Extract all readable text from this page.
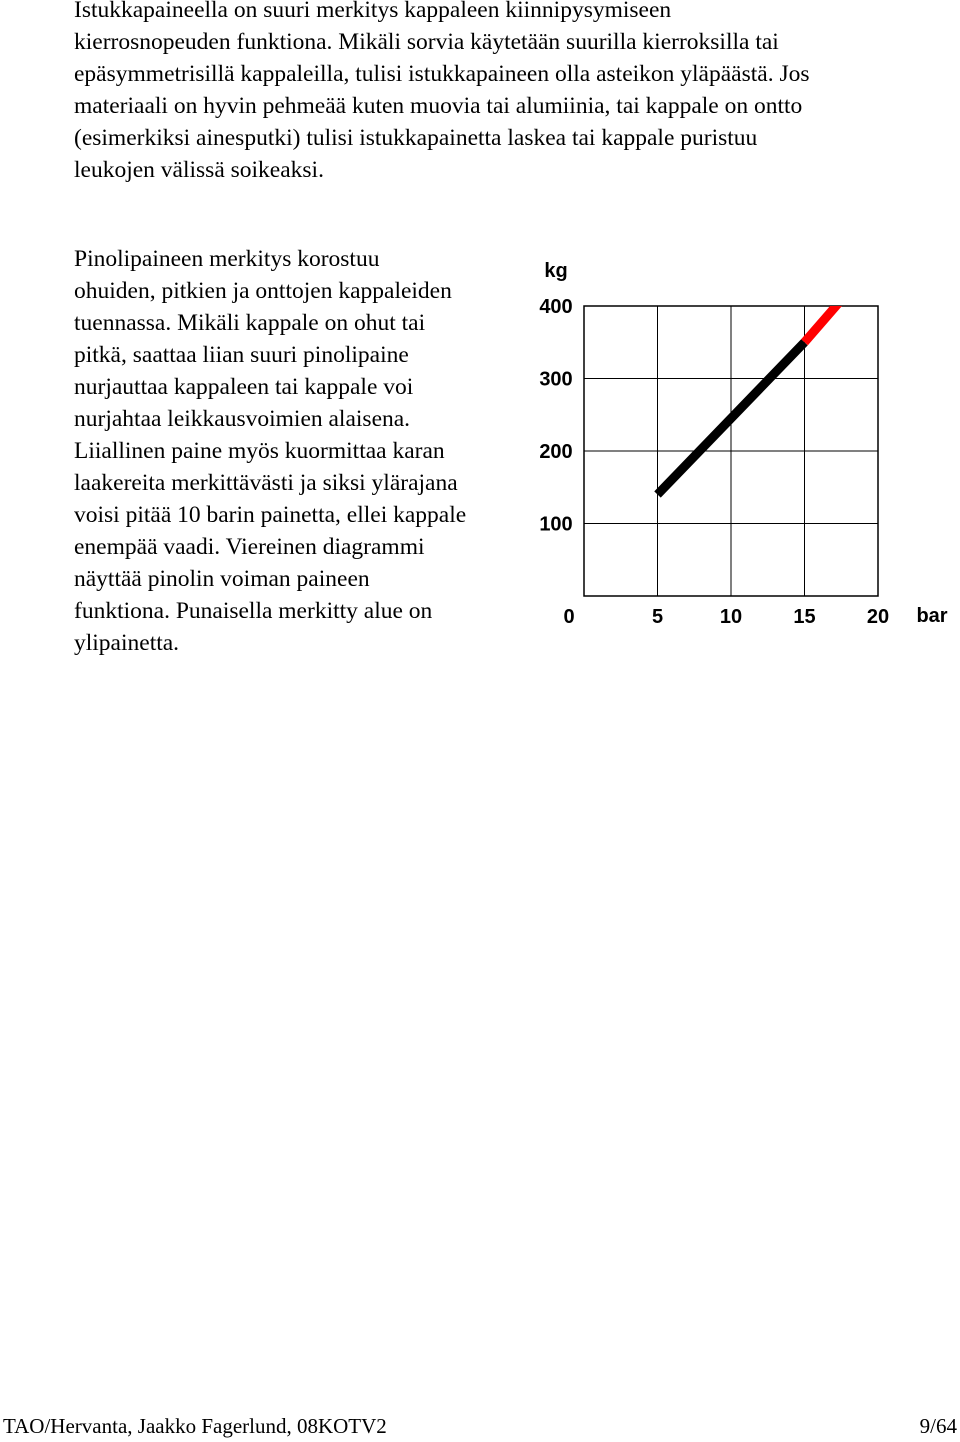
Istukkapaineella on suuri merkitys kappaleen kiinnipysymiseen
kierrosnopeuden funktiona. Mikäli sorvia käytetään suurilla kierroksilla tai
epäsymmetrisillä kappaleilla, tulisi istukkapaineen olla asteikon yläpäästä. Jos
materiaali on hyvin pehmeää kuten muovia tai alumiinia, tai kappale on ontto
(esimerkiksi ainesputki) tulisi istukkapainetta laskea tai kappale puristuu
leukojen välissä soikeaksi.
Pinolipaineen merkitys korostuu
ohuiden, pitkien ja onttojen kappaleiden
tuennassa. Mikäli kappale on ohut tai
pitkä, saattaa liian suuri pinolipaine
nurjauttaa kappaleen tai kappale voi
nurjahtaa leikkausvoimien alaisena.
Liiallinen paine myös kuormittaa karan
laakereita merkittävästi ja siksi ylärajana
voisi pitää 10 barin painetta, ellei kappale
enempää vaadi. Viereinen diagrammi
näyttää pinolin voiman paineen
funktiona. Punaisella merkitty alue on
ylipainetta.
100
200
300
400
kg
0	5	10	15	20 bar
TAO/Hervanta, Jaakko Fagerlund, 08KOTV2	9/64
